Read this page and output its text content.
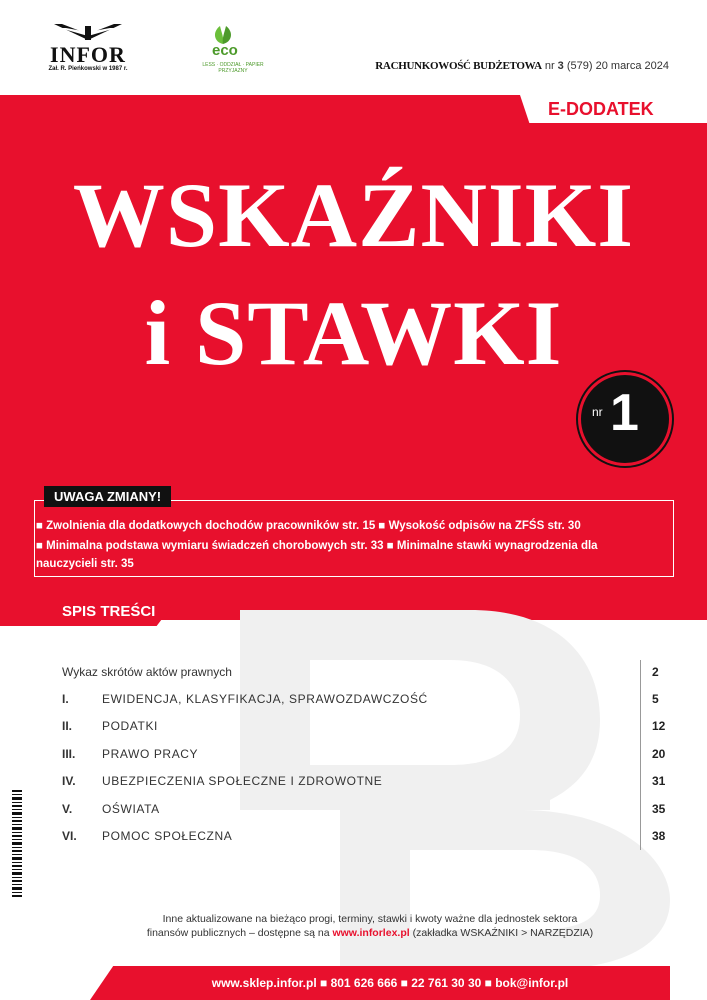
INFOR
Zał. R. Pieńkowski w 1987 r.
eco
LESS · ODDZIAŁ · PAPIER PRZYJAZNY	RACHUNKOWOŚĆ BUDŻETOWA nr 3 (579) 20 marca 2024
E-DODATEK
WSKAŹNIKI
i STAWKI
nr 1
UWAGA ZMIANY!
■ Zwolnienia dla dodatkowych dochodów pracowników str. 15 ■ Wysokość odpisów na ZFŚS str. 30
■ Minimalna podstawa wymiaru świadczeń chorobowych str. 33 ■ Minimalne stawki wynagrodzenia dla
nauczycieli str. 35
SPIS TREŚCI
Wykaz skrótów aktów prawnych	2
I.	EWIDENCJA, KLASYFIKACJA, SPRAWOZDAWCZOŚĆ	5
II. PODATKI	12
III. PRAWO PRACY	20
IV. UBEZPIECZENIA SPOŁECZNE I ZDROWOTNE	31
V. OŚWIATA	35
VI. POMOC SPOŁECZNA	38
Inne aktualizowane na bieżąco progi, terminy, stawki i kwoty ważne dla jednostek sektora
finansów publicznych – dostępne są na www.inforlex.pl (zakładka WSKAŹNIKI > NARZĘDZIA)
www.sklep.infor.pl ■ 801 626 666 ■ 22 761 30 30 ■ bok@infor.pl
